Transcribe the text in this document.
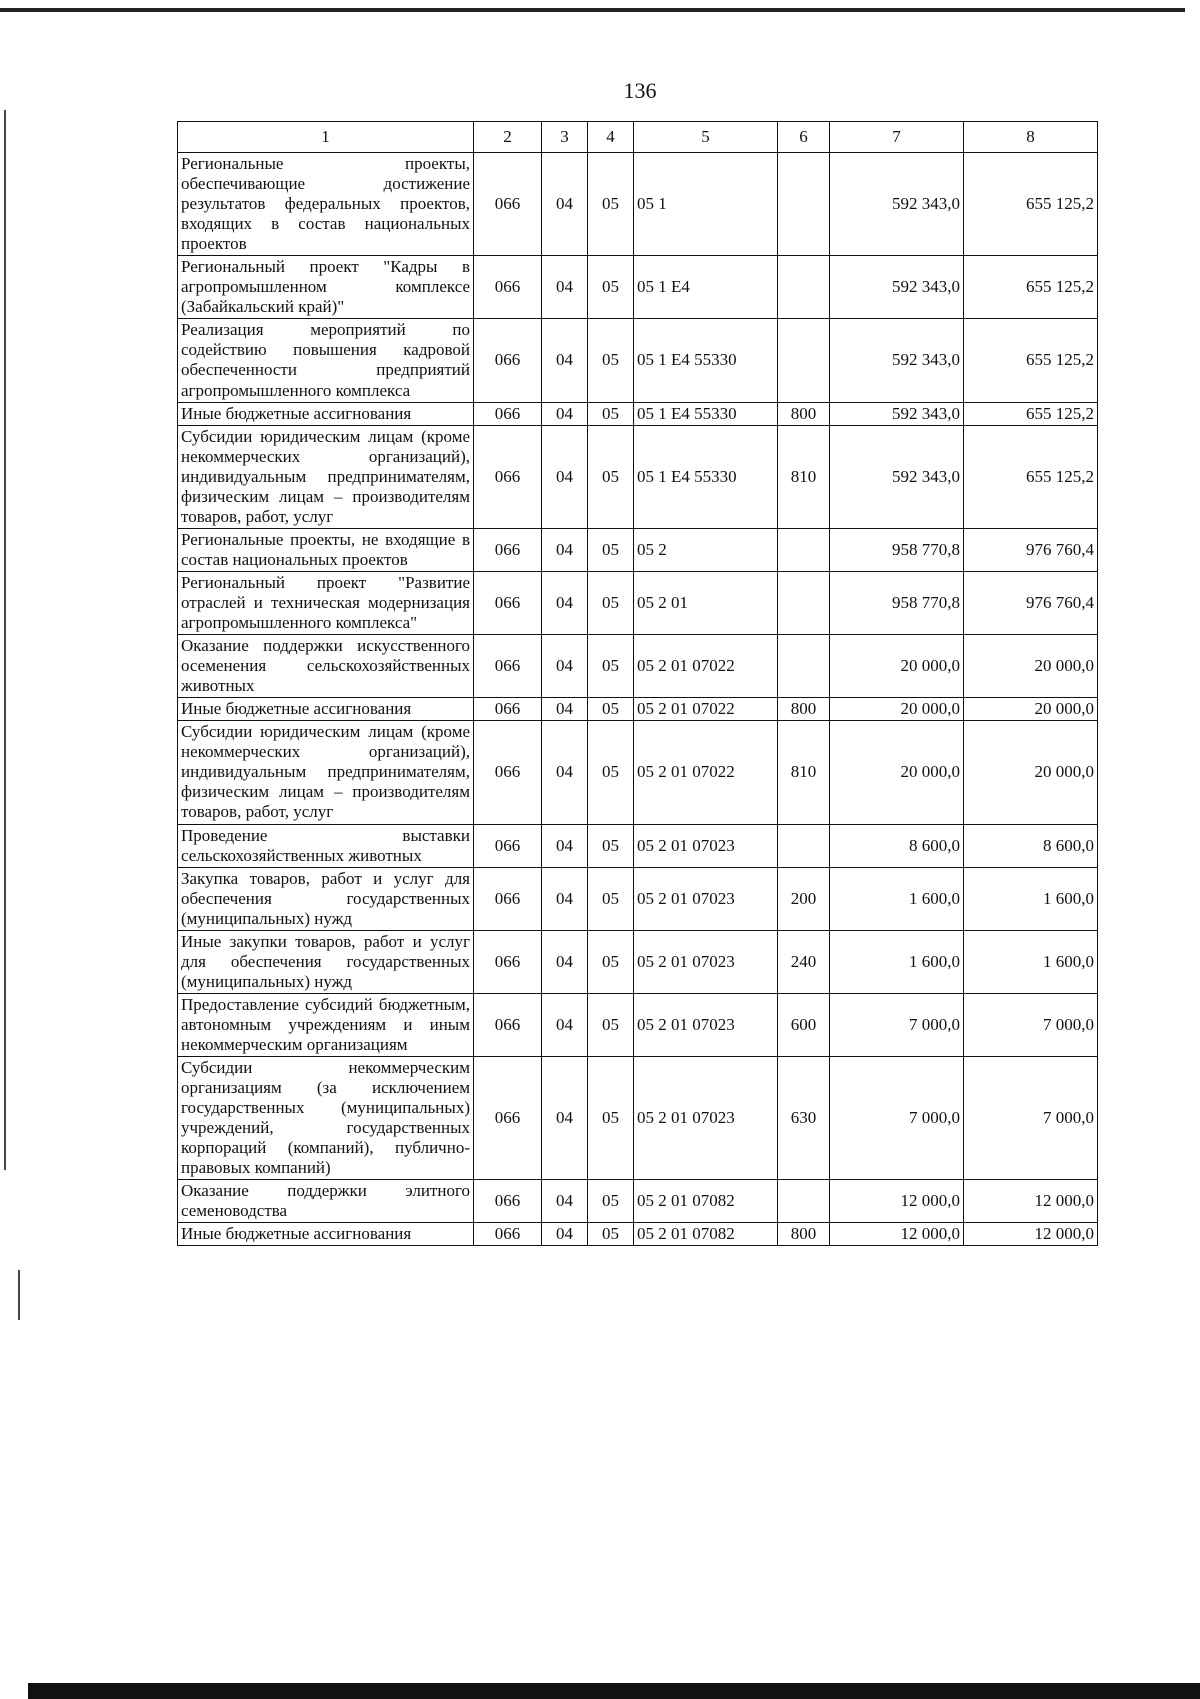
136
1	2	3	4	5	6	7	8
Региональные проекты, обеспечивающие достижение результатов федеральных проектов, входящих в состав национальных проектов	066	04	05	05 1		592 343,0	655 125,2
Региональный проект "Кадры в агропромышленном комплексе (Забайкальский край)"	066	04	05	05 1 E4		592 343,0	655 125,2
Реализация мероприятий по содействию повышения кадровой обеспеченности предприятий агропромышленного комплекса	066	04	05	05 1 E4 55330		592 343,0	655 125,2
Иные бюджетные ассигнования	066	04	05	05 1 E4 55330	800	592 343,0	655 125,2
Субсидии юридическим лицам (кроме некоммерческих организаций), индивидуальным предпринимателям, физическим лицам – производителям товаров, работ, услуг	066	04	05	05 1 E4 55330	810	592 343,0	655 125,2
Региональные проекты, не входящие в состав национальных проектов	066	04	05	05 2		958 770,8	976 760,4
Региональный проект "Развитие отраслей и техническая модернизация агропромышленного комплекса"	066	04	05	05 2 01		958 770,8	976 760,4
Оказание поддержки искусственного осеменения сельскохозяйственных животных	066	04	05	05 2 01 07022		20 000,0	20 000,0
Иные бюджетные ассигнования	066	04	05	05 2 01 07022	800	20 000,0	20 000,0
Субсидии юридическим лицам (кроме некоммерческих организаций), индивидуальным предпринимателям, физическим лицам – производителям товаров, работ, услуг	066	04	05	05 2 01 07022	810	20 000,0	20 000,0
Проведение выставки сельскохозяйственных животных	066	04	05	05 2 01 07023		8 600,0	8 600,0
Закупка товаров, работ и услуг для обеспечения государственных (муниципальных) нужд	066	04	05	05 2 01 07023	200	1 600,0	1 600,0
Иные закупки товаров, работ и услуг для обеспечения государственных (муниципальных) нужд	066	04	05	05 2 01 07023	240	1 600,0	1 600,0
Предоставление субсидий бюджетным, автономным учреждениям и иным некоммерческим организациям	066	04	05	05 2 01 07023	600	7 000,0	7 000,0
Субсидии некоммерческим организациям (за исключением государственных (муниципальных) учреждений, государственных корпораций (компаний), публично-правовых компаний)	066	04	05	05 2 01 07023	630	7 000,0	7 000,0
Оказание поддержки элитного семеноводства	066	04	05	05 2 01 07082		12 000,0	12 000,0
Иные бюджетные ассигнования	066	04	05	05 2 01 07082	800	12 000,0	12 000,0
